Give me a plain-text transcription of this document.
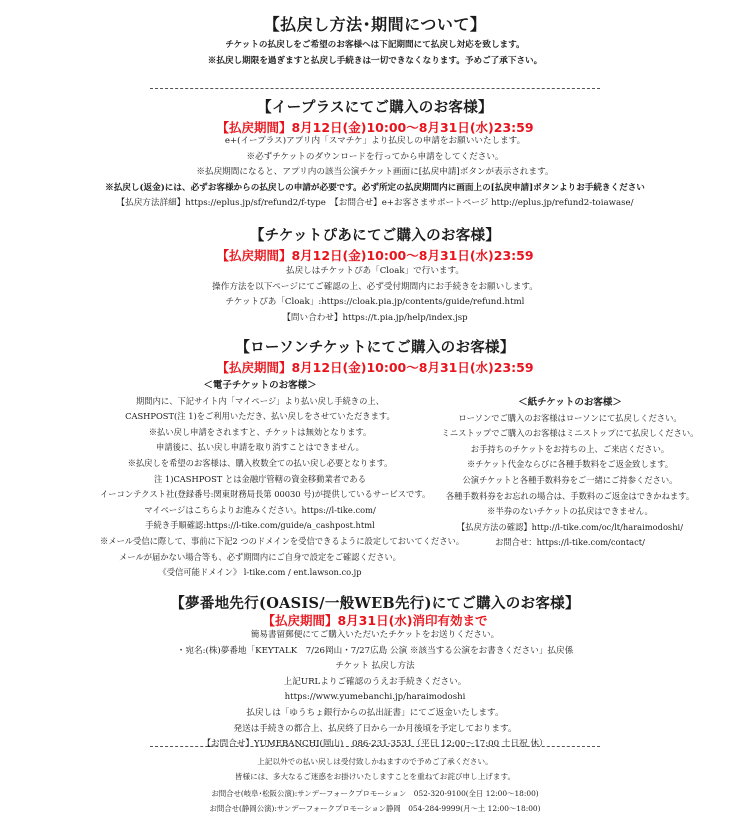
【払戻し方法･期間について】
チケットの払戻しをご希望のお客様へは下記期間にて払戻し対応を致します。
※払戻し期限を過ぎますと払戻し手続きは一切できなくなります。予めご了承下さい。
【イープラスにてご購入のお客様】
【払戻期間】8月12日(金)10:00～8月31日(水)23:59
e+(イープラス)アプリ内「スマチケ」より払戻しの申請をお願いいたします。
※必ずチケットのダウンロードを行ってから申請をしてください。
※払戻期間になると、アプリ内の該当公演チケット画面に[払戻申請]ボタンが表示されます。
※払戻し(返金)には、必ずお客様からの払戻しの申請が必要です。必ず所定の払戻期間内に画面上の[払戻申請]ボタンよりお手続きください
【払戻方法詳細】https://eplus.jp/sf/refund2/f-type　【お問合せ】e+お客さまサポートページ http://eplus.jp/refund2-toiawase/
【チケットぴあにてご購入のお客様】
【払戻期間】8月12日(金)10:00～8月31日(水)23:59
払戻しはチケットぴあ「Cloak」で行います。
操作方法を以下ページにてご確認の上、必ず受付期間内にお手続きをお願いします。
チケットぴあ「Cloak」:https://cloak.pia.jp/contents/guide/refund.html
【問い合わせ】https://t.pia.jp/help/index.jsp
【ローソンチケットにてご購入のお客様】
【払戻期間】8月12日(金)10:00～8月31日(水)23:59
＜電子チケットのお客様＞
期間内に、下記サイト内「マイページ」より払い戻し手続きの上、
CASHPOST(注 1)をご利用いただき、払い戻しをさせていただきます。
※払い戻し申請をされますと、チケットは無効となります。
申請後に、払い戻し申請を取り消すことはできません。
※払戻しを希望のお客様は、購入枚数全ての払い戻し必要となります。
注 1)CASHPOST とは金融庁管轄の資金移動業者である
イーコンテクスト社(登録番号:関東財務局長第 00030 号)が提供しているサービスです。
マイページはこちらよりお進みください。https://l-tike.com/
手続き手順確認:https://l-tike.com/guide/a_cashpost.html
※メール受信に際して、事前に下記2 つのドメインを受信できるように設定しておいてください。
メールが届かない場合等も、必ず期間内にご自身で設定をご確認ください。
《受信可能ドメイン》 l-tike.com / ent.lawson.co.jp
＜紙チケットのお客様＞
ローソンでご購入のお客様はローソンにて払戻しください。
ミニストップでご購入のお客様はミニストップにて払戻しください。
お手持ちのチケットをお持ちの上、ご来店ください。
※チケット代金ならびに各種手数料をご返金致します。
公演チケットと各種手数料券をご一緒にご持参ください。
各種手数料券をお忘れの場合は、手数料のご返金はできかねます。
※半券のないチケットの払戻はできません。
【払戻方法の確認】http://l-tike.com/oc/lt/haraimodoshi/
お問合せ：https://l-tike.com/contact/
【夢番地先行(OASIS/一般WEB先行)にてご購入のお客様】
【払戻期間】8月31日(水)消印有効まで
簡易書留郵便にてご購入いただいたチケットをお送りください。
・宛名:(株)夢番地「KEYTALK　7/26岡山・7/27広島 公演 ※該当する公演をお書きください」払戻係
チケット 払戻し方法
上記URLよりご確認のうえお手続きください。
https://www.yumebanchi.jp/haraimodoshi
払戻しは「ゆうちょ銀行からの払出証書」にてご返金いたします。
発送は手続きの都合上、払戻終了日から一か月後頃を予定しております。
【お問合せ】YUMEBANCHI(岡山)　086-231-3531（平日 12:00～17:00 土日祝 休）
上記以外での払い戻しは受付致しかねますので予めご了承ください。
皆様には、多大なるご迷惑をお掛けいたしますことを重ねてお詫び申し上げます。
お問合せ(岐阜･松阪公演):サンデーフォークプロモーション　052-320-9100(全日 12:00～18:00)
お問合せ(静岡公演):サンデーフォークプロモーション静岡　054-284-9999(月～土 12:00～18:00)
